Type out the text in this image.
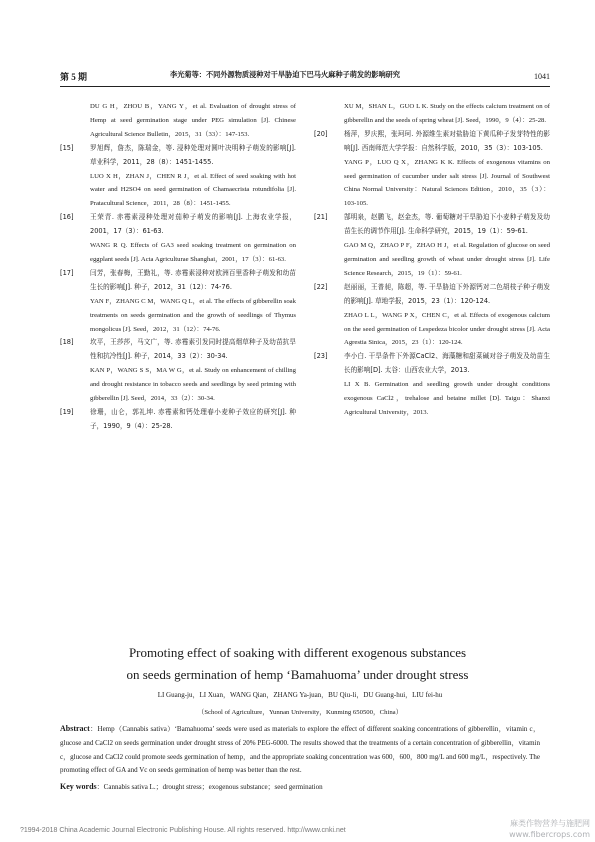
第 5 期	李光菊等：不同外源物质浸种对干旱胁迫下巴马火麻种子萌发的影响研究	1041

DU G H，ZHOU B，YANG Y，et al. Evaluation of drought stress of Hemp at seed germination stage under PEG simulation [J]. Chinese Agricultural Science Bulletin，2015，31（33）：147-153.

[15] 罗旭辉，詹杰，陈瑞金，等. 浸种处理对圆叶决明种子萌发的影响[J]. 草业科学，2011，28（8）：1451-1455.

LUO X H，ZHAN J，CHEN R J，et al. Effect of seed soaking with hot water and H2SO4 on seed germination of Chamaecrista rotundifolia [J]. Pratacultural Science，2011，28（8）：1451-1455.

[16] 王荣青. 赤霉素浸种处理对茄种子萌发的影响[J]. 上海农业学报，2001，17（3）：61-63.

WANG R Q. Effects of GA3 seed soaking treatment on germination on eggplant seeds [J]. Acta Agriculturae Shanghai，2001，17（3）：61-63.

[17] 闫芳，张春梅，王勤礼，等. 赤霉素浸种对欧洲百里香种子萌发和幼苗生长的影响[J]. 种子，2012，31（12）：74-76.

YAN F，ZHANG C M，WANG Q L，et al. The effects of gibberellin soak treatments on seeds germination and the growth of seedlings of Thymus mongolicus [J]. Seed，2012，31（12）：74-76.

[18] 坎平，王莎莎，马文广，等. 赤霉素引发同时提高烟草种子及幼苗抗旱性和抗冷性[J]. 种子，2014，33（2）：30-34.

KAN P，WANG S S，MA W G，et al. Study on enhancement of chilling and drought resistance in tobacco seeds and seedlings by seed priming with gibberellin [J]. Seed，2014，33（2）：30-34.

[19] 徐珊，山仑，郭礼坤. 赤霉素和钙处理春小麦种子效应的研究[J]. 种子，1990，9（4）：25-28.

XU M，SHAN L，GUO L K. Study on the effects calcium treatment on of gibberellin and the seeds of spring wheat [J]. Seed，1990，9（4）：25-28.

[20] 杨萍，罗庆熙，张珂珂. 外源维生素对盐胁迫下黄瓜种子发芽特性的影响[J]. 西南师范大学学报：自然科学版，2010，35（3）：103-105.

YANG P，LUO Q X，ZHANG K K. Effects of exogenous vitamins on seed germination of cucumber under salt stress [J]. Journal of Southwest China Normal University：Natural Sciences Edition，2010，35（3）：103-105.

[21] 郜明泉，赵鹏飞，赵金杰，等. 葡萄糖对干旱胁迫下小麦种子萌发及幼苗生长的调节作用[J]. 生命科学研究，2015，19（1）：59-61.

GAO M Q，ZHAO P F，ZHAO H J，et al. Regulation of glucose on seed germination and seedling growth of wheat under drought stress [J]. Life Science Research，2015，19（1）：59-61.

[22] 赵丽丽，王普昶，陈超，等. 干旱胁迫下外源钙对二色胡枝子种子萌发的影响[J]. 草地学报，2015，23（1）：120-124.

ZHAO L L，WANG P X，CHEN C，et al. Effects of exogenous calcium on the seed germination of Lespedeza bicolor under drought stress [J]. Acta Agrestia Sinica，2015，23（1）：120-124.

[23] 李小白. 干旱条件下外源CaCl2、海藻糖和甜菜碱对谷子萌发及幼苗生长的影响[D]. 太谷：山西农业大学，2013.

LI X B. Germination and seedling growth under drought conditions exogenous CaCl2，trehalose and betaine millet [D]. Taigu：Shanxi Agricultural University，2013.

Promoting effect of soaking with different exogenous substances
on seeds germination of hemp ‘Bamahuoma’ under drought stress
LI Guang-ju，LI Xuan，WANG Qian，ZHANG Ya-juan，BU Qiu-li，DU Guang-hui，LIU fei-hu
（School of Agriculture，Yunnan University，Kunming 650500，China）
Abstract：Hemp（Cannabis sativa）‘Bamahuoma’ seeds were used as materials to explore the effect of different soaking concentrations of gibberellin，vitamin c，glucose and CaCl2 on seeds germination under drought stress of 20% PEG-6000. The results showed that the treatments of a certain concentration of gibberellin，vitamin c，glucose and CaCl2 could promote seeds germination of hemp，and the appropriate soaking concentration was 600，600，800 mg/L and 600 mg/L，respectively. The promoting effect of GA and Vc on seeds germination of hemp was better than the rest.
Key words：Cannabis sativa L.；drought stress；exogenous substance；seed germination
?1994-2018 China Academic Journal Electronic Publishing House. All rights reserved. http://www.cnki.net
麻类作物营养与施肥网
www.fibercrops.com
